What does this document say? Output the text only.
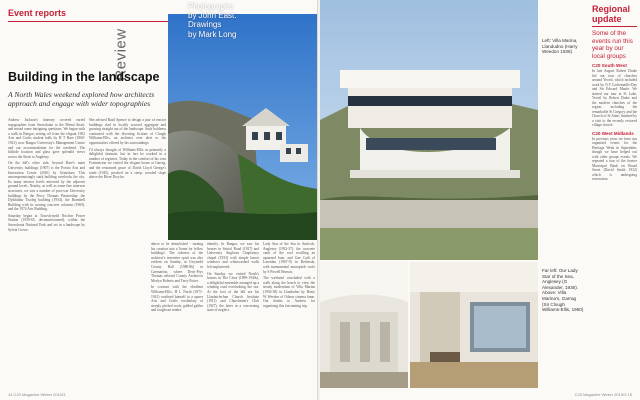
Event reports
Review
Building in the landscape
A North Wales weekend explored how architects approach and engage with wider topographies

Andrew Jackson's itinerary covered varied topographies from Snowdonia to the Menai Strait, and mixed some intriguing questions. We began with a walk in Bangor, setting off from the elegant 1902 Arts and Crafts student halls by H T Hare (1860-1921), now Bangor University's Management Centre and our accommodation for the weekend. The hillside location and glass gave splendid views across the Strait to Anglesey.

On the hill's other side, beyond Hare's main University buildings (1907) is the Pontio Arts and Innovation Centre (2016) by Grimshaw. This uncompromisingly stark building overlooks the city. Its many interior levels mirrored by the adjacent ground levels. Nearby, as well as some fine interwar structures, we saw a number of post-war University buildings by the Percy Thomas Partnership: the Dyddiadur Tisoleg building (1954), the Brambell Building with its soaring concrete columns (1969), and the 1974 Arts Building.

Saturday began at Trawsfynydd Nuclear Power Station (1959-65, decommissioned), within the Snowdonia National Park and set in a landscape by Sylvia Crowe.

She advised Basil Spence to design a pair of reactor buildings clad in locally sourced aggregate and growing straight out of the landscape. Such boldness contrasted with the diverting fictions of Clough Williams-Ellis, an architect ever alert to the opportunities offered by his surroundings.

I'd always thought of Williams-Ellis as primarily a delightful fantasist, but in fact he worked in a number of registers. Today in the comfort of his own Portmeirion we visited the elegant house at Garreg, and the restrained grace of David Lloyd George's tomb (1945), perched on a steep, wooded slope above the River Dwyfor.

Photographs
by John East.
Drawings
by Mark Long

above to be demolished - turning his creation into a 'home for fellow buildings'. The richness of the architect's inventive spirit was also evident on Sunday, at Gwynedd County Hall (1980-86) in Caernarfon, where Dewi-Prys Thomas advised County Architects Merfyn Roberts and Terry Potter.

In contrast with the ebullient Williams-Ellis, H L North (1871-1941) confined himself to a sparer Arts and Crafts vocabulary of steeply pitched roofs, gabled gables and roughcast render.

identify. In Bangor, we saw his houses in Seiriol Road (1927) and University Anglican Chaplaincy chapel (1933) with simple lancet windows and whitewashed walls left unplastered.

On Sunday we visited North's houses in The Close (1899-1940s), a delightful ensemble arranged up a winding road overlooking the sea. At the foot of the hill are his Llanfairfechan Church Institute (1911) and Churchmen's Club (1927), the latter in a concerning state of neglect.

Lady Star of the Sea in Amlwch, Anglesey (1932-37), the concrete vault of the roof recalling an upturned boat, and Gae Cadi of Lasenlau (1967-9) in Bethesda, with monumental monopitch roofs by S Powell Benson.

The weekend concluded with a walk along the beach to view the steady modernism of Villa Marina (1936-38) in Llandudno by Harry W Weedon of Odeon cinema fame. Our thanks to Andrew for organising this fascinating trip.

14 C20 Magazine Winter 2019/3
Left: Villa Marina, Llandudno (Harry Weedon 1936)
Far left: Our Lady Star of the Sea, Anglesey (G Alexander, 1936). Above: Villa Marina's, Garrag (Sir Clough Williams-Ellis, 1950)
Regional update
Some of the events run this year by our local groups
C20 South West
In late August Robert Drake led our tour of churches around Yeovil, which included work by N F Cachemaille-Day and Sir Edward Maufe. We started our tour at St Luke, Yeovil by Robert Drake and the modern churches of the region, including the remarkable St Gregory and the Church of St Anne, finished by a visit to the recently restored village church.
C20 West Midlands
In previous years we have run organised events for the Heritage Week in September, though we have helped out with other groups events. We repeated a tour of the former Municipal Bank on Broad Street (David Smith 1932) which is undergoing restoration.
C20 Magazine Winter 2019/3 15
